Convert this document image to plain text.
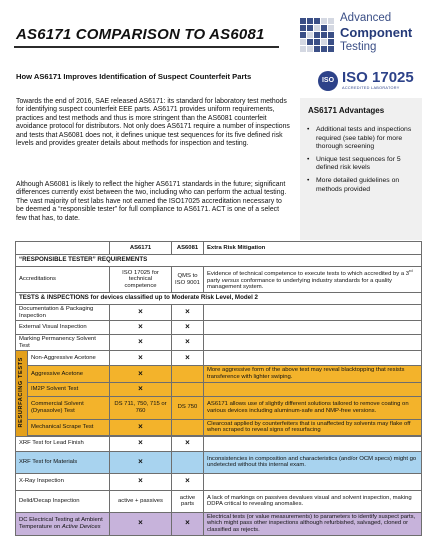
AS6171 COMPARISON TO AS6081
How AS6171 Improves Identification of Suspect Counterfeit Parts
Advanced
Component
Testing
ISO ISO 17025
ACCREDITED LABORATORY

Towards the end of 2016, SAE released AS6171: its standard for laboratory test methods for identifying suspect counterfeit EEE parts. AS6171 provides uniform requirements, practices and test methods and thus is more stringent than the AS6081 counterfeit avoidance protocol for distributors. Not only does AS6171 require a number of inspections and tests that AS6081 does not, it defines unique test sequences for its five defined risk levels and provides greater details about methods for inspection and testing.

Although AS6081 is likely to reflect the higher AS6171 standards in the future; significant differences currently exist between the two, including who can perform the actual testing. The vast majority of test labs have not earned the ISO17025 accreditation necessary to be deemed a “responsible tester” for full compliance to AS6171. ACT is one of a select few that has, to date.

AS6171 Advantages
• Additional tests and inspections required (see table) for more thorough screening
• Unique test sequences for 5 defined risk levels
• More detailed guidelines on methods provided
		AS6171	AS6081	Extra Risk Mitigation
“RESPONSIBLE TESTER” REQUIREMENTS				
Accreditations		ISO 17025 for technical competence	QMS to ISO 9001	Evidence of technical competence to execute tests to which accredited by a 3rd party versus conformance to underlying industry standards for a quality management system.
TESTS & INSPECTIONS for devices classified up to Moderate Risk Level, Model 2				
Documentation & Packaging Inspection		×	×	
External Visual Inspection		×	×	
Marking Permanency Solvent Test		×	×	
RESURFACING TESTS	Non-Aggressive Acetone	×	×	
	Aggressive Acetone	×		More aggressive form of the above test may reveal blacktopping that resists transference with lighter swiping.
	IM2P Solvent Test	×		
	Commercial Solvent (Dynasolve) Test	DS 711, 750, 715 or 760	DS 750	AS6171 allows use of slightly different solutions tailored to remove coating on various devices including aluminum-safe and NMP-free versions.
	Mechanical Scrape Test	×		Clearcoat applied by counterfeiters that is unaffected by solvents may flake off when scraped to reveal signs of resurfacing

XRF Test for Lead Finish		×	×	
XRF Test for Materials		×		Inconsistencies in composition and characteristics (and/or OCM specs) might go undetected without this internal exam.
X-Ray Inspection		×	×	
Delid/Decap Inspection		active + passives	active parts	A lack of markings on passives devalues visual and solvent inspection, making DDPA critical to revealing anomalies.
DC Electrical Testing at Ambient Temperature on Active Devices		×	×	Electrical tests (or value measurements) to parameters to identify suspect parts, which might pass other inspections although refurbished, salvaged, cloned or classified as rejects.
